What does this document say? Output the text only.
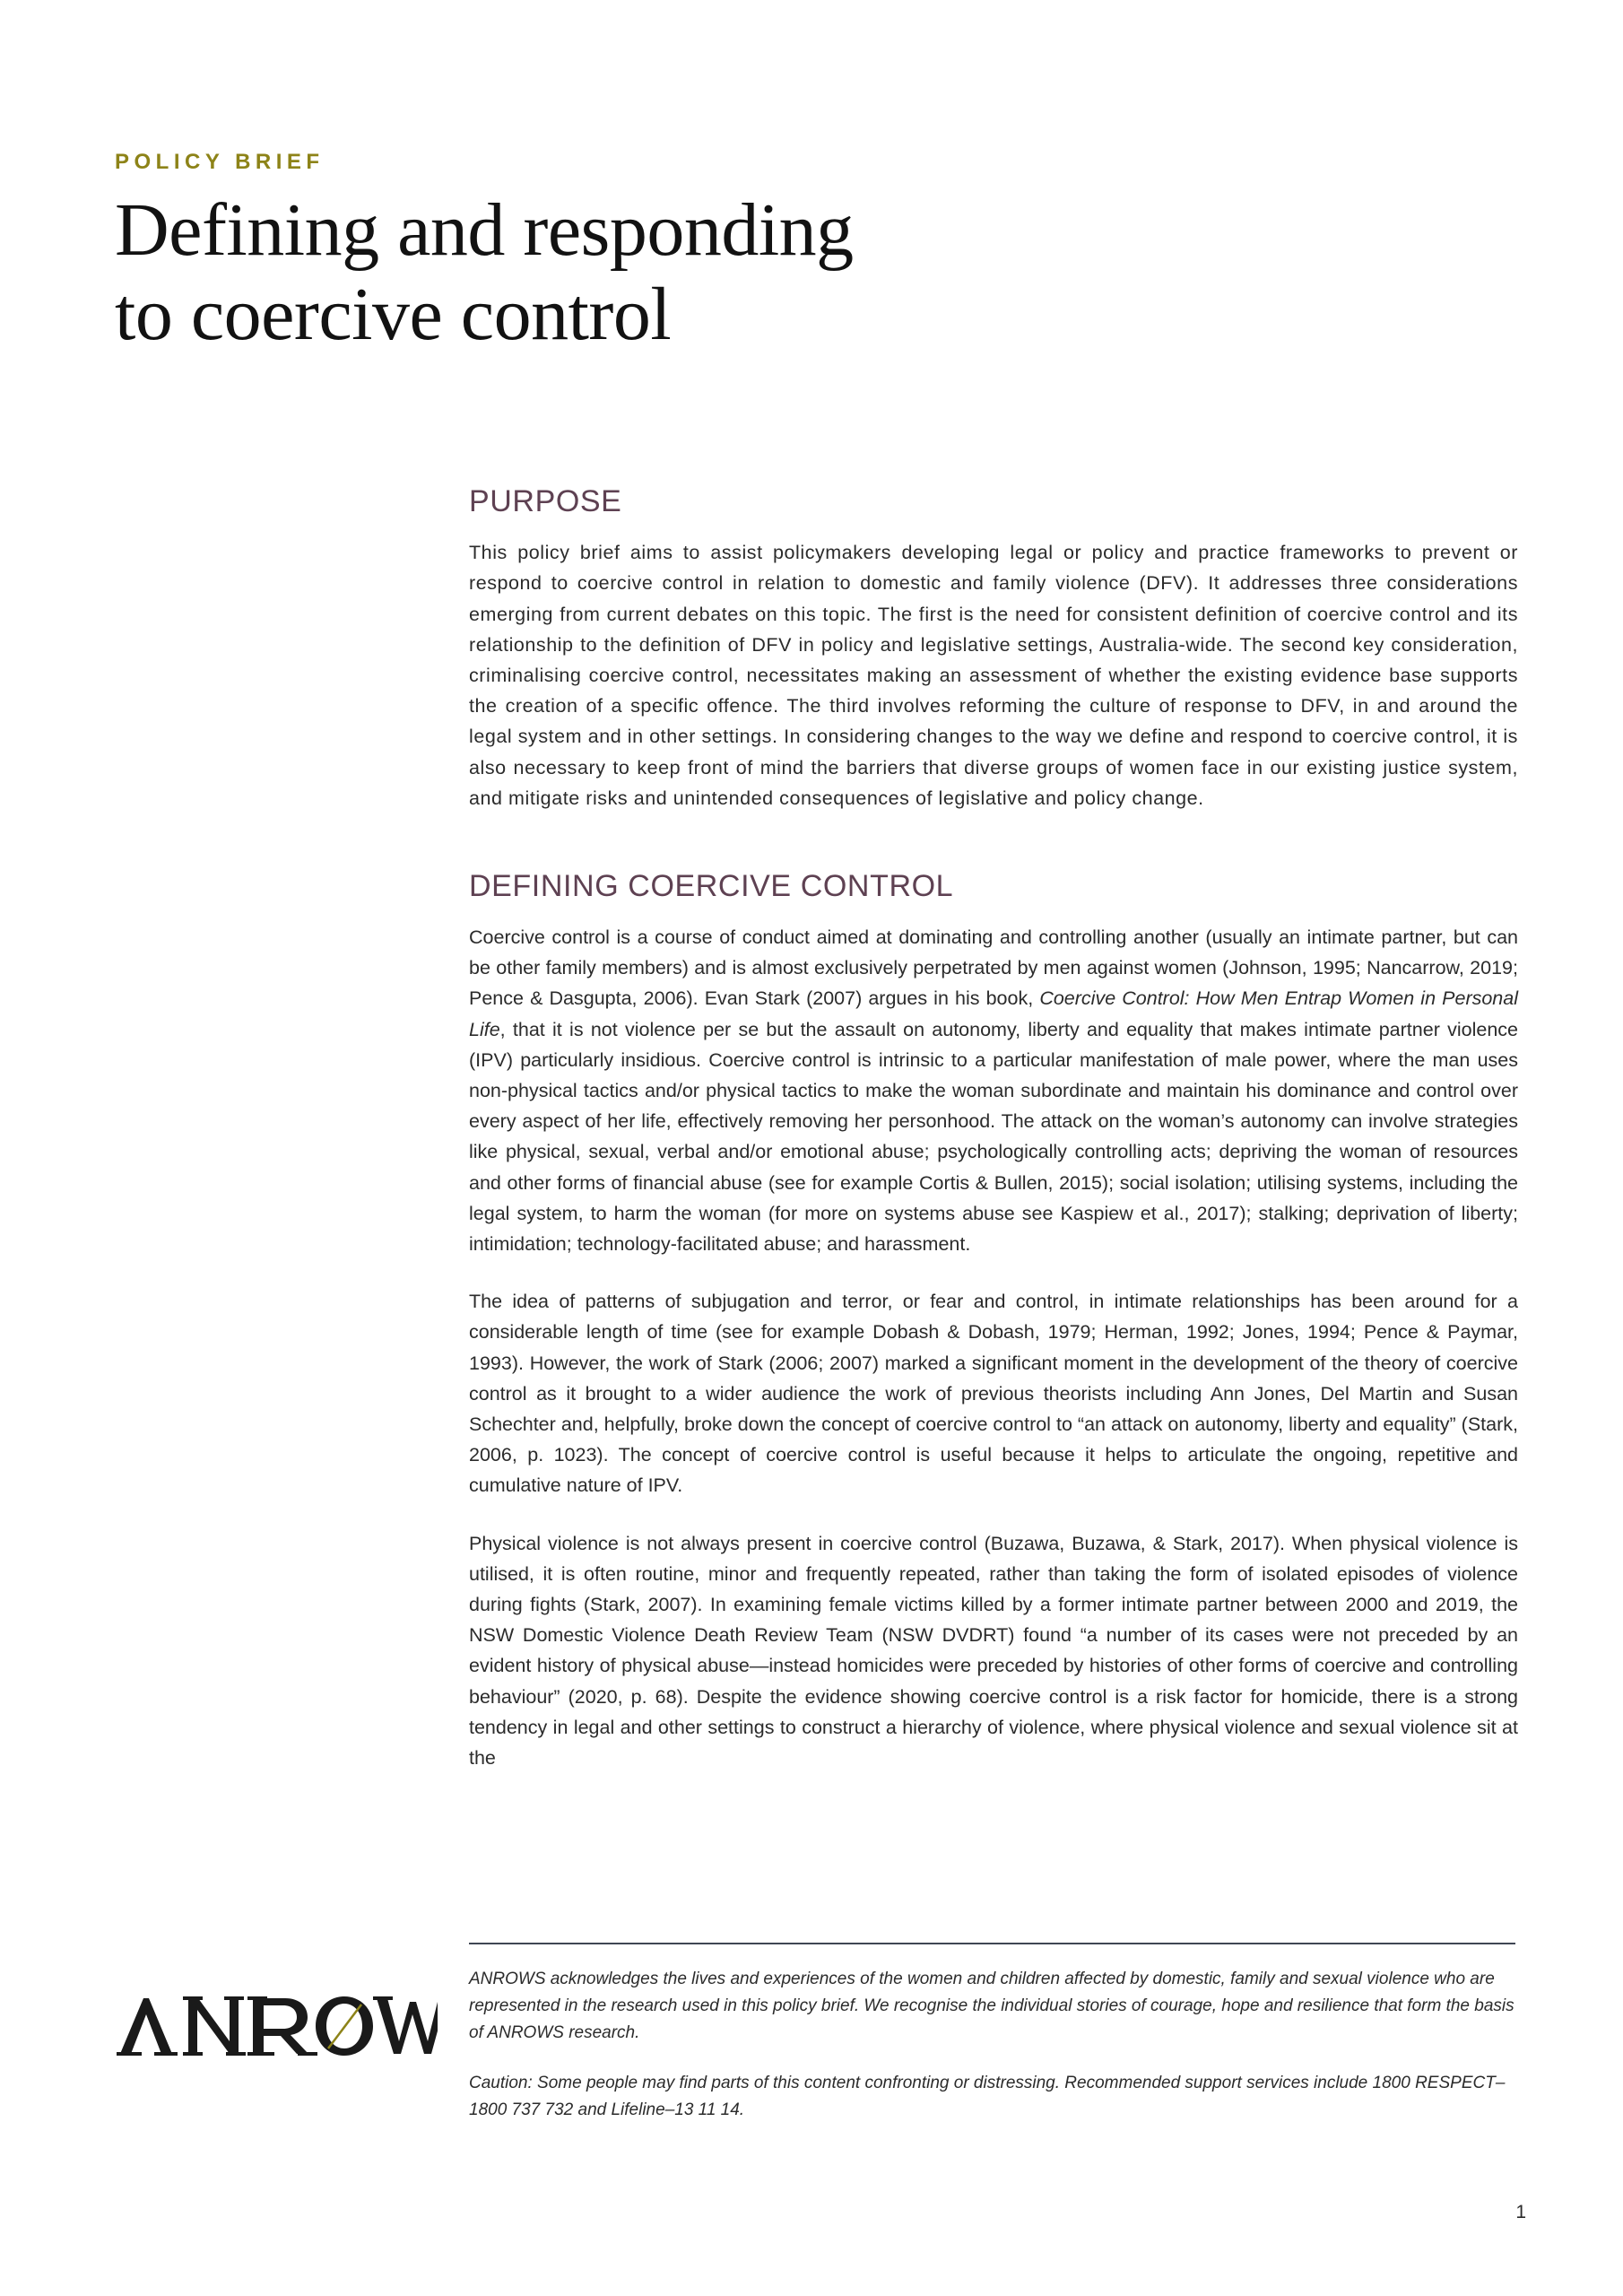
POLICY BRIEF
Defining and responding
to coercive control
PURPOSE

This policy brief aims to assist policymakers developing legal or policy and practice frameworks to prevent or respond to coercive control in relation to domestic and family violence (DFV). It addresses three considerations emerging from current debates on this topic. The first is the need for consistent definition of coercive control and its relationship to the definition of DFV in policy and legislative settings, Australia-wide. The second key consideration, criminalising coercive control, necessitates making an assessment of whether the existing evidence base supports the creation of a specific offence. The third involves reforming the culture of response to DFV, in and around the legal system and in other settings. In considering changes to the way we define and respond to coercive control, it is also necessary to keep front of mind the barriers that diverse groups of women face in our existing justice system, and mitigate risks and unintended consequences of legislative and policy change.

DEFINING COERCIVE CONTROL

Coercive control is a course of conduct aimed at dominating and controlling another (usually an intimate partner, but can be other family members) and is almost exclusively perpetrated by men against women (Johnson, 1995; Nancarrow, 2019; Pence & Dasgupta, 2006). Evan Stark (2007) argues in his book, Coercive Control: How Men Entrap Women in Personal Life, that it is not violence per se but the assault on autonomy, liberty and equality that makes intimate partner violence (IPV) particularly insidious. Coercive control is intrinsic to a particular manifestation of male power, where the man uses non-physical tactics and/or physical tactics to make the woman subordinate and maintain his dominance and control over every aspect of her life, effectively removing her personhood. The attack on the woman’s autonomy can involve strategies like physical, sexual, verbal and/or emotional abuse; psychologically controlling acts; depriving the woman of resources and other forms of financial abuse (see for example Cortis & Bullen, 2015); social isolation; utilising systems, including the legal system, to harm the woman (for more on systems abuse see Kaspiew et al., 2017); stalking; deprivation of liberty; intimidation; technology-facilitated abuse; and harassment.

The idea of patterns of subjugation and terror, or fear and control, in intimate relationships has been around for a considerable length of time (see for example Dobash & Dobash, 1979; Herman, 1992; Jones, 1994; Pence & Paymar, 1993). However, the work of Stark (2006; 2007) marked a significant moment in the development of the theory of coercive control as it brought to a wider audience the work of previous theorists including Ann Jones, Del Martin and Susan Schechter and, helpfully, broke down the concept of coercive control to “an attack on autonomy, liberty and equality” (Stark, 2006, p. 1023). The concept of coercive control is useful because it helps to articulate the ongoing, repetitive and cumulative nature of IPV.

Physical violence is not always present in coercive control (Buzawa, Buzawa, & Stark, 2017). When physical violence is utilised, it is often routine, minor and frequently repeated, rather than taking the form of isolated episodes of violence during fights (Stark, 2007). In examining female victims killed by a former intimate partner between 2000 and 2019, the NSW Domestic Violence Death Review Team (NSW DVDRT) found “a number of its cases were not preceded by an evident history of physical abuse—instead homicides were preceded by histories of other forms of coercive and controlling behaviour” (2020, p. 68). Despite the evidence showing coercive control is a risk factor for homicide, there is a strong tendency in legal and other settings to construct a hierarchy of violence, where physical violence and sexual violence sit at the

ANROWS acknowledges the lives and experiences of the women and children affected by domestic, family and sexual violence who are represented in the research used in this policy brief. We recognise the individual stories of courage, hope and resilience that form the basis of ANROWS research.

Caution: Some people may find parts of this content confronting or distressing. Recommended support services include 1800 RESPECT–1800 737 732 and Lifeline–13 11 14.

1
